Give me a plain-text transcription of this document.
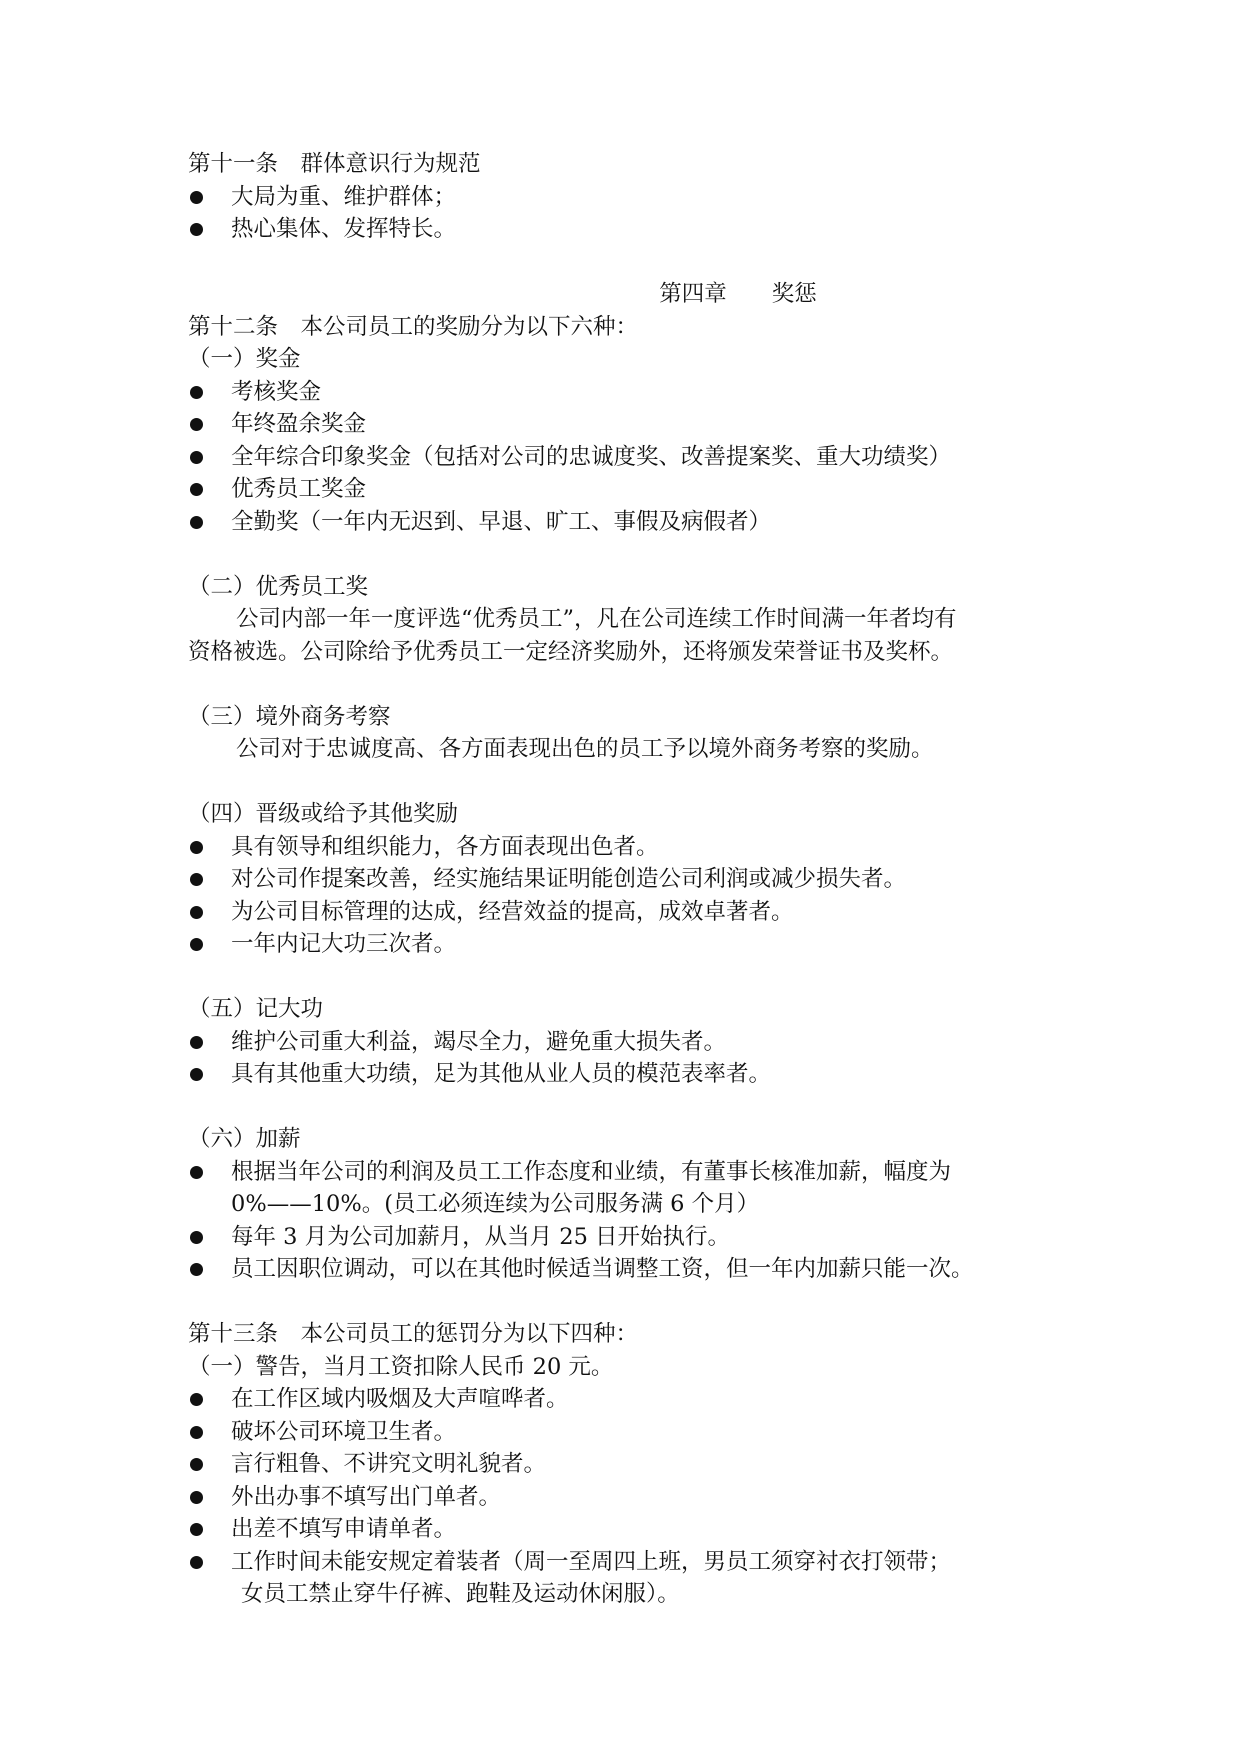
第十一条　群体意识行为规范
大局为重、维护群体；
热心集体、发挥特长。
第四章　　奖惩
第十二条　本公司员工的奖励分为以下六种：
（一）奖金
考核奖金
年终盈余奖金
全年综合印象奖金（包括对公司的忠诚度奖、改善提案奖、重大功绩奖）
优秀员工奖金
全勤奖（一年内无迟到、早退、旷工、事假及病假者）
（二）优秀员工奖
公司内部一年一度评选“优秀员工”，凡在公司连续工作时间满一年者均有
资格被选。公司除给予优秀员工一定经济奖励外，还将颁发荣誉证书及奖杯。
（三）境外商务考察
公司对于忠诚度高、各方面表现出色的员工予以境外商务考察的奖励。
（四）晋级或给予其他奖励
具有领导和组织能力，各方面表现出色者。
对公司作提案改善，经实施结果证明能创造公司利润或减少损失者。
为公司目标管理的达成，经营效益的提高，成效卓著者。
一年内记大功三次者。
（五）记大功
维护公司重大利益，竭尽全力，避免重大损失者。
具有其他重大功绩，足为其他从业人员的模范表率者。
（六）加薪
根据当年公司的利润及员工工作态度和业绩，有董事长核准加薪，幅度为
0%——10%。(员工必须连续为公司服务满 6 个月）
每年 3 月为公司加薪月，从当月 25 日开始执行。
员工因职位调动，可以在其他时候适当调整工资，但一年内加薪只能一次。
第十三条　本公司员工的惩罚分为以下四种：
（一）警告，当月工资扣除人民币 20 元。
在工作区域内吸烟及大声喧哗者。
破坏公司环境卫生者。
言行粗鲁、不讲究文明礼貌者。
外出办事不填写出门单者。
出差不填写申请单者。
工作时间未能安规定着装者（周一至周四上班，男员工须穿衬衣打领带；
女员工禁止穿牛仔裤、跑鞋及运动休闲服）。
